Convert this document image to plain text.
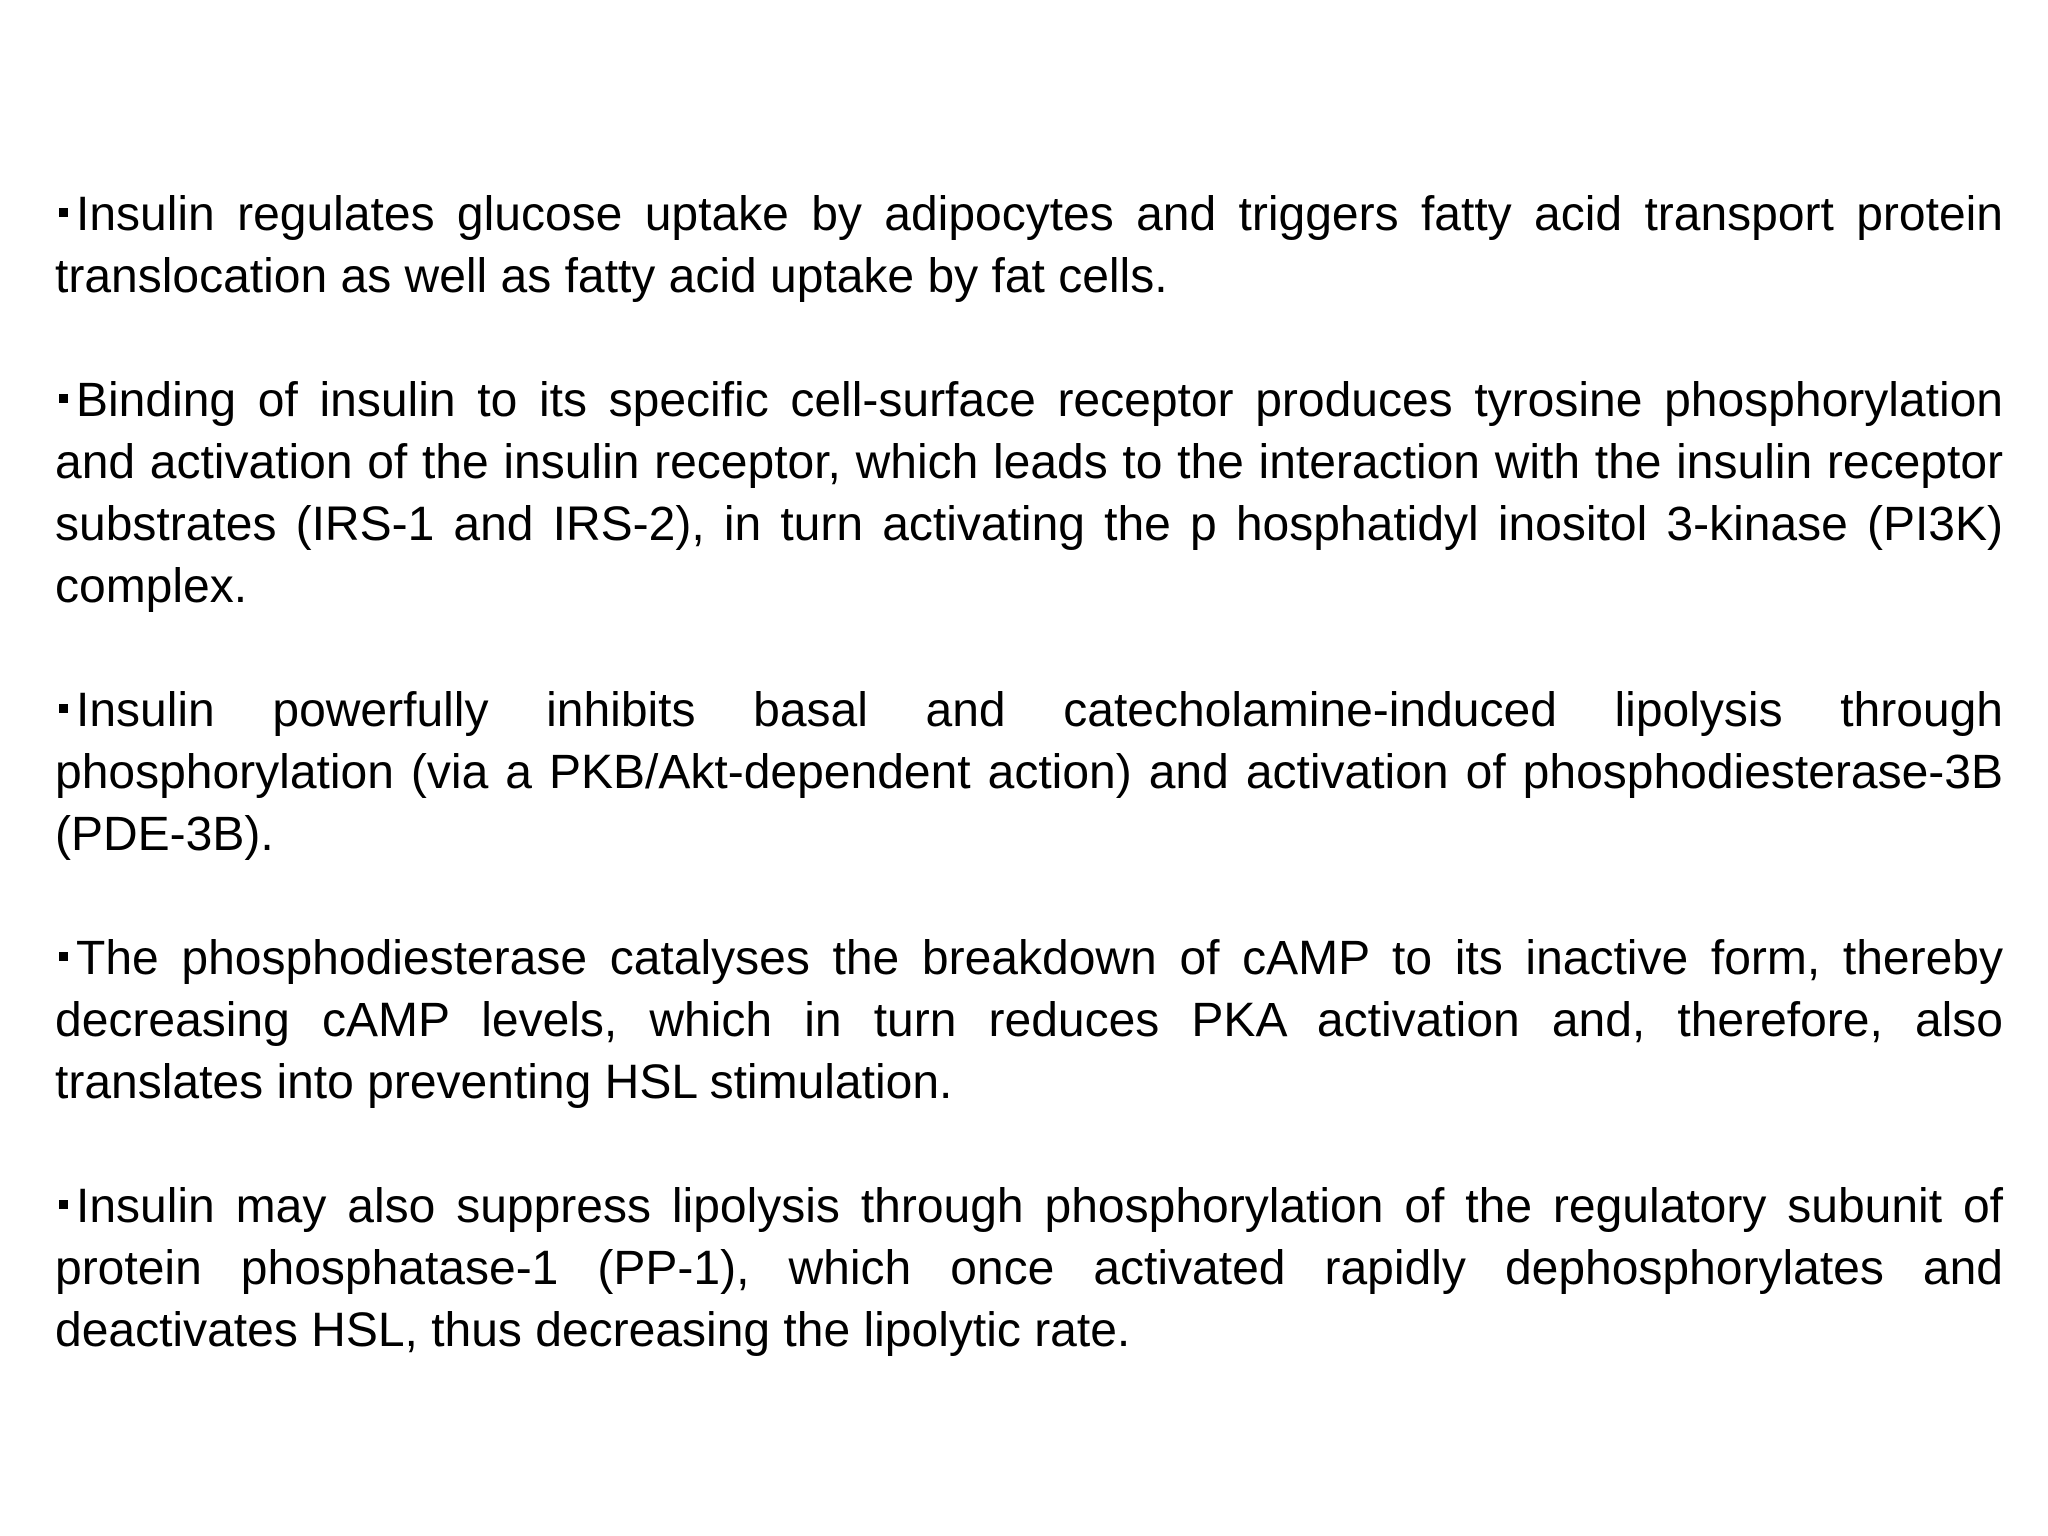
Insulin regulates glucose uptake by adipocytes and triggers fatty acid transport protein translocation as well as fatty acid uptake by fat cells.

Binding of insulin to its specific cell-surface receptor produces tyrosine phosphorylation and activation of the insulin receptor, which leads to the interaction with the insulin receptor substrates (IRS-1 and IRS-2), in turn activating the p hosphatidyl inositol 3-kinase (PI3K) complex.

Insulin powerfully inhibits basal and catecholamine-induced lipolysis through phosphorylation (via a PKB/Akt-dependent action) and activation of phosphodiesterase-3B (PDE-3B).

The phosphodiesterase catalyses the breakdown of cAMP to its inactive form, thereby decreasing cAMP levels, which in turn reduces PKA activation and, therefore, also translates into preventing HSL stimulation.

Insulin may also suppress lipolysis through phosphorylation of the regulatory subunit of protein phosphatase-1 (PP-1), which once activated rapidly dephosphorylates and deactivates HSL, thus decreasing the lipolytic rate.
